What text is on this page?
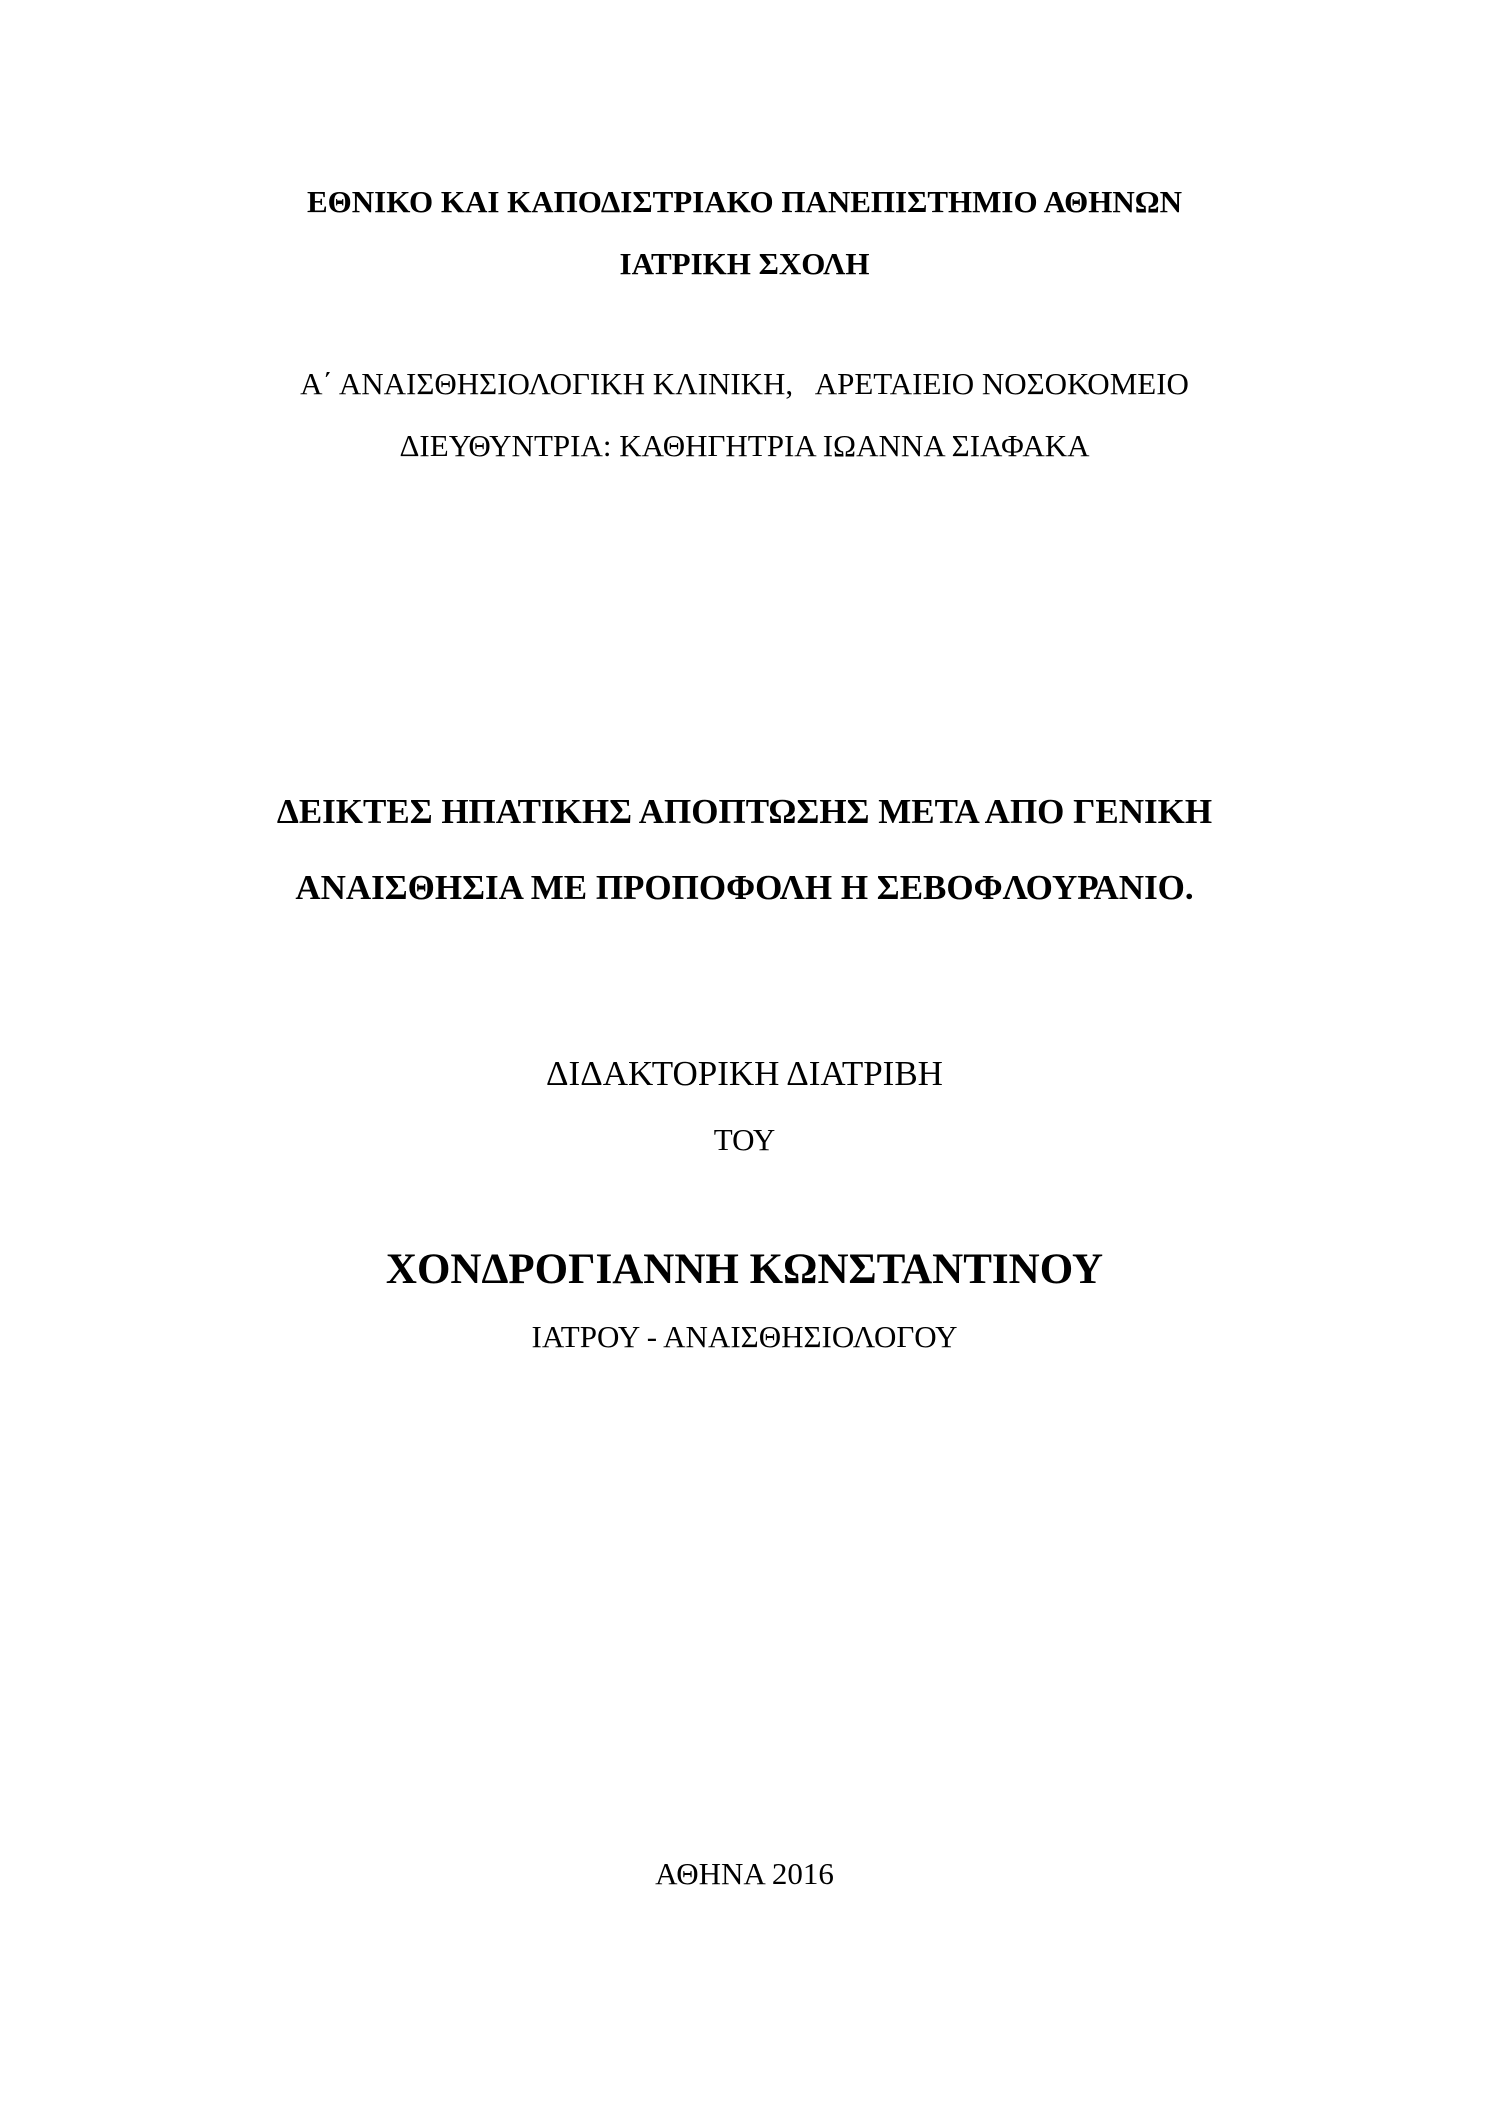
ΕΘΝΙΚΟ ΚΑΙ ΚΑΠΟΔΙΣΤΡΙΑΚΟ ΠΑΝΕΠΙΣΤΗΜΙΟ ΑΘΗΝΩΝ
ΙΑΤΡΙΚΗ ΣΧΟΛΗ
Α΄ ΑΝΑΙΣΘΗΣΙΟΛΟΓΙΚΗ ΚΛΙΝΙΚΗ,   ΑΡΕΤΑΙΕΙΟ ΝΟΣΟΚΟΜΕΙΟ
ΔΙΕΥΘΥΝΤΡΙΑ: ΚΑΘΗΓΗΤΡΙΑ ΙΩΑΝΝΑ ΣΙΑΦΑΚΑ
ΔΕΙΚΤΕΣ ΗΠΑΤΙΚΗΣ ΑΠΟΠΤΩΣΗΣ ΜΕΤΑ ΑΠΟ ΓΕΝΙΚΗ
ΑΝΑΙΣΘΗΣΙΑ ΜΕ ΠΡΟΠΟΦΟΛΗ Η ΣΕΒΟΦΛΟΥΡΑΝΙΟ.
ΔΙΔΑΚΤΟΡΙΚΗ ΔΙΑΤΡΙΒΗ
ΤΟΥ
ΧΟΝΔΡΟΓΙΑΝΝΗ ΚΩΝΣΤΑΝΤΙΝΟΥ
ΙΑΤΡΟΥ - ΑΝΑΙΣΘΗΣΙΟΛΟΓΟΥ
ΑΘΗΝΑ 2016
